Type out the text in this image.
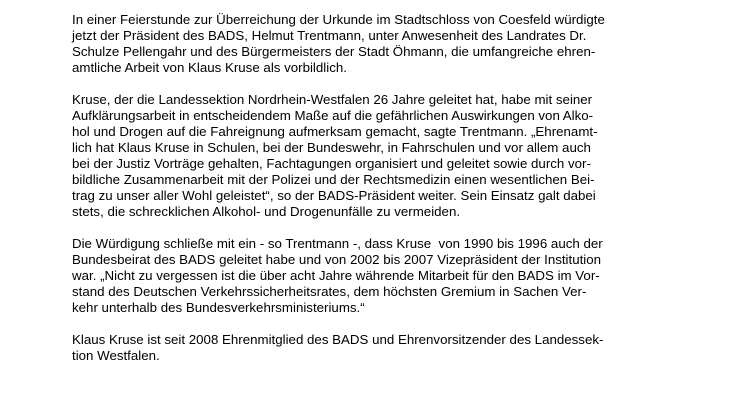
In einer Feierstunde zur Überreichung der Urkunde im Stadtschloss von Coesfeld würdigte
jetzt der Präsident des BADS, Helmut Trentmann, unter Anwesenheit des Landrates Dr.
Schulze Pellengahr und des Bürgermeisters der Stadt Öhmann, die umfangreiche ehren-
amtliche Arbeit von Klaus Kruse als vorbildlich.

Kruse, der die Landessektion Nordrhein-Westfalen 26 Jahre geleitet hat, habe mit seiner
Aufklärungsarbeit in entscheidendem Maße auf die gefährlichen Auswirkungen von Alko-
hol und Drogen auf die Fahreignung aufmerksam gemacht, sagte Trentmann. „Ehrenamt-
lich hat Klaus Kruse in Schulen, bei der Bundeswehr, in Fahrschulen und vor allem auch
bei der Justiz Vorträge gehalten, Fachtagungen organisiert und geleitet sowie durch vor-
bildliche Zusammenarbeit mit der Polizei und der Rechtsmedizin einen wesentlichen Bei-
trag zu unser aller Wohl geleistet“, so der BADS-Präsident weiter. Sein Einsatz galt dabei
stets, die schrecklichen Alkohol- und Drogenunfälle zu vermeiden.

Die Würdigung schließe mit ein - so Trentmann -, dass Kruse  von 1990 bis 1996 auch der
Bundesbeirat des BADS geleitet habe und von 2002 bis 2007 Vizepräsident der Institution
war. „Nicht zu vergessen ist die über acht Jahre währende Mitarbeit für den BADS im Vor-
stand des Deutschen Verkehrssicherheitsrates, dem höchsten Gremium in Sachen Ver-
kehr unterhalb des Bundesverkehrsministeriums.“

Klaus Kruse ist seit 2008 Ehrenmitglied des BADS und Ehrenvorsitzender des Landessek-
tion Westfalen.
